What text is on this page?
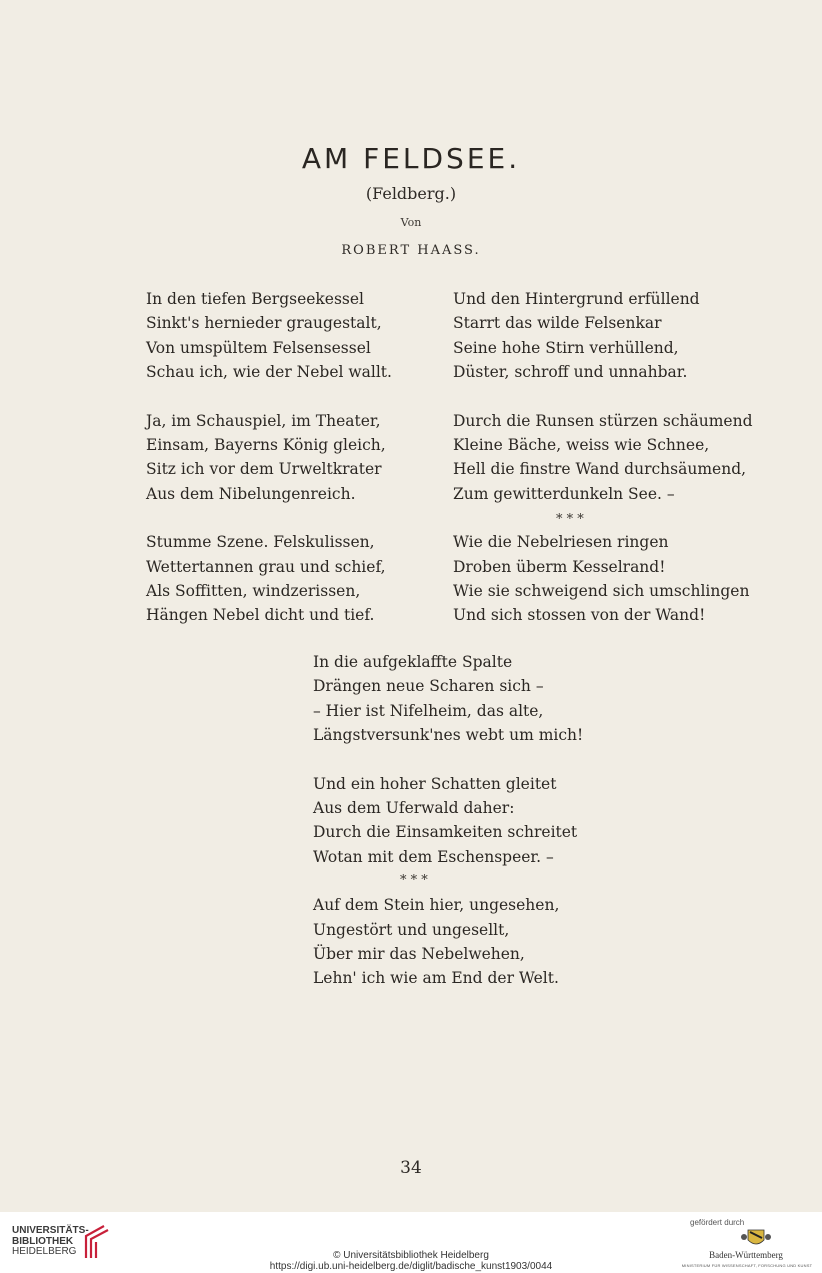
AM FELDSEE.
(Feldberg.)
Von
ROBERT HAASS.
In den tiefen Bergseekessel
Sinkt's hernieder graugestalt,
Von umspültem Felsensessel
Schau ich, wie der Nebel wallt.
Ja, im Schauspiel, im Theater,
Einsam, Bayerns König gleich,
Sitz ich vor dem Urweltkrater
Aus dem Nibelungenreich.
Stumme Szene. Felskulissen,
Wettertannen grau und schief,
Als Soffitten, windzerissen,
Hängen Nebel dicht und tief.
Und den Hintergrund erfüllend
Starrt das wilde Felsenkar
Seine hohe Stirn verhüllend,
Düster, schroff und unnahbar.
Durch die Runsen stürzen schäumend
Kleine Bäche, weiss wie Schnee,
Hell die finstre Wand durchsäumend,
Zum gewitterdunkeln See. –
Wie die Nebelriesen ringen
Droben überm Kesselrand!
Wie sie schweigend sich umschlingen
Und sich stossen von der Wand!
* * *
In die aufgeklaffte Spalte
Drängen neue Scharen sich –
– Hier ist Nifelheim, das alte,
Längstversunk'nes webt um mich!
Und ein hoher Schatten gleitet
Aus dem Uferwald daher:
Durch die Einsamkeiten schreitet
Wotan mit dem Eschenspeer. –
Auf dem Stein hier, ungesehen,
Ungestört und ungesellt,
Über mir das Nebelwehen,
Lehn' ich wie am End der Welt.
* * *
34
UNIVERSITÄTS-
BIBLIOTHEK
HEIDELBERG	© Universitätsbibliothek Heidelberg
https://digi.ub.uni-heidelberg.de/diglit/badische_kunst1903/0044
gefördert durch
Baden-Württemberg
MINISTERIUM FÜR WISSENSCHAFT, FORSCHUNG UND KUNST
